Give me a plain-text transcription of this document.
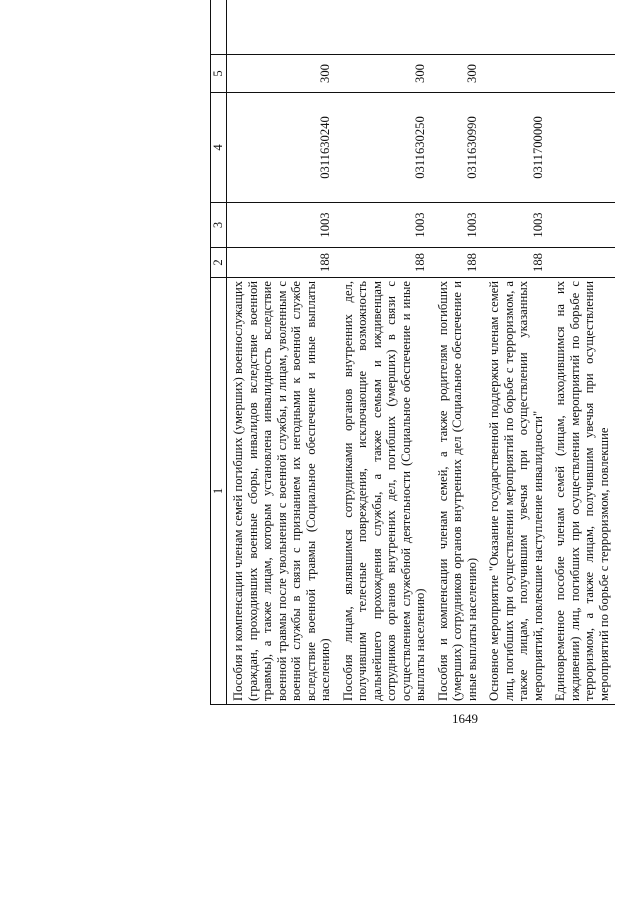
1649
1	2	3	4	5	
Пособия и компенсации членам семей погибших (умерших) военнослужащих (граждан, проходивших военные сборы, инвалидов вследствие военной травмы), а также лицам, которым установлена инвалидность вследствие военной травмы после увольнения с военной службы, и лицам, уволенным с военной службы в связи с признанием их негодными к военной службе вследствие военной травмы (Социальное обеспечение и иные выплаты населению)	188	1003	0311630240	300	
Пособия лицам, являвшимся сотрудниками органов внутренних дел, получившим телесные повреждения, исключающие возможность дальнейшего прохождения службы, а также семьям и иждивенцам сотрудников органов внутренних дел, погибших (умерших) в связи с осуществлением служебной деятельности (Социальное обеспечение и иные выплаты населению)	188	1003	0311630250	300	
Пособия и компенсации членам семей, а также родителям погибших (умерших) сотрудников органов внутренних дел (Социальное обеспечение и иные выплаты населению)	188	1003	0311630990	300	
Основное мероприятие "Оказание государственной поддержки членам семей лиц, погибших при осуществлении мероприятий по борьбе с терроризмом, а также лицам, получившим увечья при осуществлении указанных мероприятий, повлекшие наступление инвалидности"	188	1003	0311700000		
Единовременное пособие членам семей (лицам, находившимся на их иждивении) лиц, погибших при осуществлении мероприятий по борьбе с терроризмом, а также лицам, получившим увечья при осуществлении мероприятий по борьбе с терроризмом, повлекшие					
